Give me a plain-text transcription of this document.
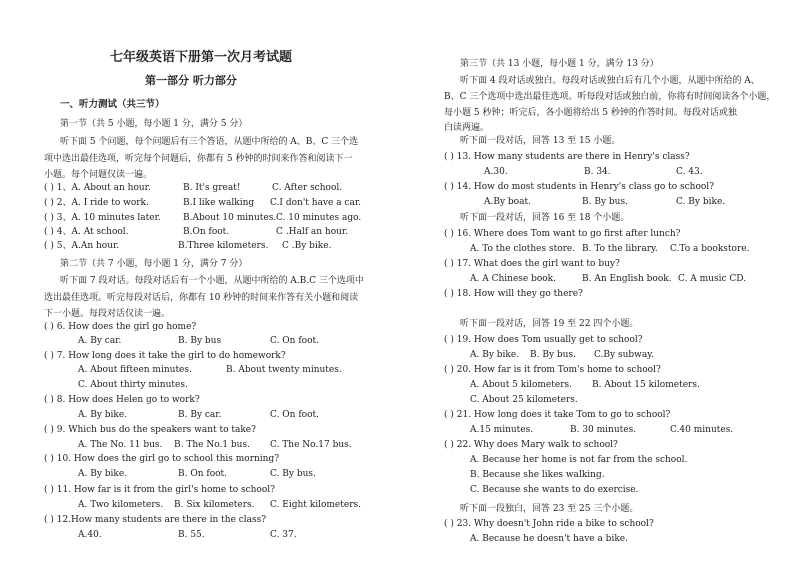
七年级英语下册第一次月考试题
第一部分 听力部分
一、听力测试（共三节）
第一节（共 5 小题，每小题 1 分，满分 5 分）
听下面 5 个问题，每个问题后有三个答语，从题中所给的 A、B、C 三个选
项中选出最佳选项，听完每个问题后，你都有 5 秒钟的时间来作答和阅读下一
小题。每个问题仅读一遍。
( ) 1、A. About an hour.	B. It's great!	C. After school.
( ) 2、A. I ride to work.	B.I like walking C.I don't have a car.
( ) 3、A. 10 minutes later. B.About 10 minutes. C. 10 minutes ago.
( ) 4、A. At school.	B.On foot.	C .Half an hour.
( ) 5、A.An hour.	B.Three kilometers. C .By bike.
第二节（共 7 小题，每小题 1 分，满分 7 分）
听下面 7 段对话。每段对话后有一个小题，从题中所给的 A.B.C 三个选项中
选出最佳选项。听完每段对话后，你都有 10 秒钟的时间来作答有关小题和阅读
下一小题。每段对话仅读一遍。
( ) 6. How does the girl go home?
A. By car.	B. By bus	C. On foot.
( ) 7. How long does it take the girl to do homework?
A. About fifteen minutes.	B. About twenty minutes.
C. About thirty minutes.
( ) 8. How does Helen go to work?
A. By bike.	B. By car.	C. On foot.
( ) 9. Which bus do the speakers want to take?
A. The No. 11 bus. B. The No.1 bus. C. The No.17 bus.
( ) 10. How does the girl go to school this morning?
A. By bike.	B. On foot.	C. By bus.
( ) 11. How far is it from the girl's home to school?
A. Two kilometers. B. Six kilometers. C. Eight kilometers.
( ) 12.How many students are there in the class?
A.40.	B. 55.	C. 37.
第三节（共 13 小题，每小题 1 分，满分 13 分）
听下面 4 段对话或独白。每段对话或独白后有几个小题，从题中所给的 A、
B、C 三个选项中选出最佳选项。听每段对话或独白前，你将有时间阅读各个小题，
每小题 5 秒钟；听完后，各小题将给出 5 秒钟的作答时间。每段对话或独
白读两遍。
听下面一段对话，回答 13 至 15 小题。
( ) 13. How many students are there in Henry's class?
A.30.	B. 34.	C. 43.
( ) 14. How do most students in Henry's class go to school?
A.By boat.	B. By bus.	C. By bike.
听下面一段对话，回答 16 至 18 个小题。
( ) 16. Where does Tom want to go first after lunch?
A. To the clothes store. B. To the library. C.To a bookstore.
( ) 17. What does the girl want to buy?
A. A Chinese book.	B. An English book. C. A music CD.
( ) 18. How will they go there?
听下面一段对话，回答 19 至 22 四个小题。
( ) 19. How does Tom usually get to school?
A. By bike. B. By bus. C.By subway.
( ) 20. How far is it from Tom's home to school?
A. About 5 kilometers. B. About 15 kilometers.
C. About 25 kilometers.
( ) 21. How long does it take Tom to go to school?
A.15 minutes.	B. 30 minutes.	C.40 minutes.
( ) 22. Why does Mary walk to school?
A. Because her home is not far from the school.
B. Because she likes walking.
C. Because she wants to do exercise.
听下面一段独白，回答 23 至 25 三个小题。
( ) 23. Why doesn't John ride a bike to school?
A. Because he doesn't have a bike.
